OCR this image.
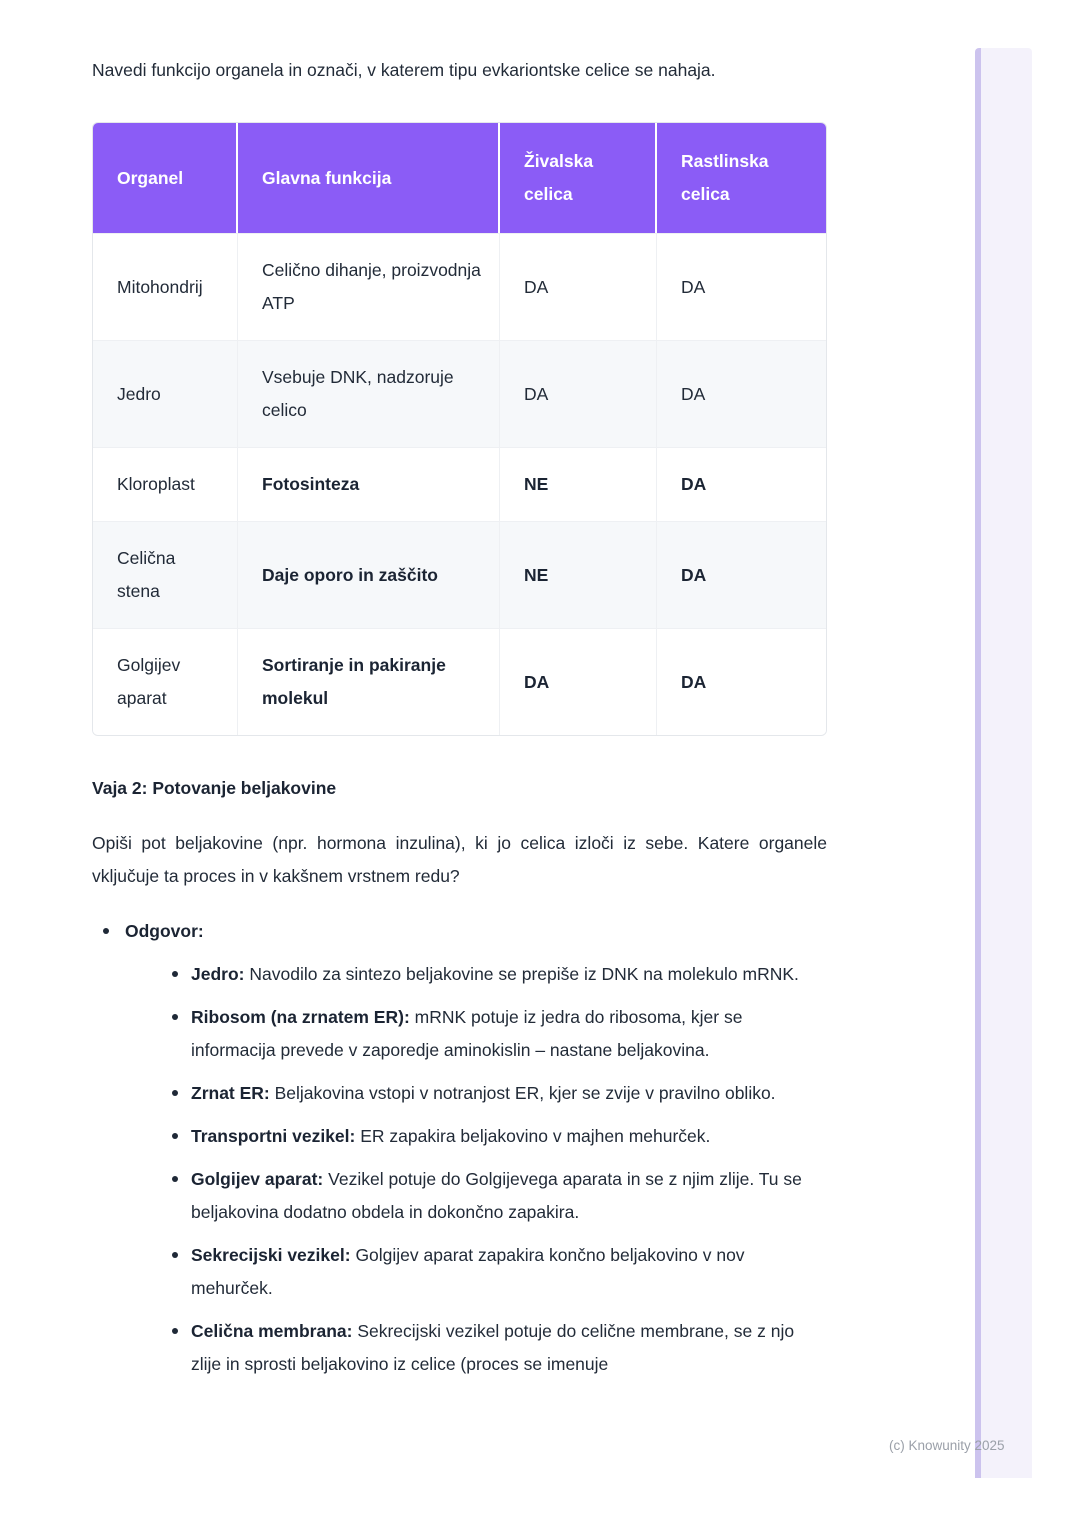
Navedi funkcijo organela in označi, v katerem tipu evkariontske celice se nahaja.

Organel	Glavna funkcija	Živalska celica	Rastlinska celica
Mitohondrij	Celično dihanje, proizvodnja ATP	DA	DA
Jedro	Vsebuje DNK, nadzoruje celico	DA	DA
Kloroplast	Fotosinteza	NE	DA
Celična stena	Daje oporo in zaščito	NE	DA
Golgijev aparat	Sortiranje in pakiranje molekul	DA	DA
Vaja 2: Potovanje beljakovine

Opiši pot beljakovine (npr. hormona inzulina), ki jo celica izloči iz sebe. Katere organele vključuje ta proces in v kakšnem vrstnem redu?

Odgovor:
Jedro: Navodilo za sintezo beljakovine se prepiše iz DNK na molekulo mRNK.
Ribosom (na zrnatem ER): mRNK potuje iz jedra do ribosoma, kjer se informacija prevede v zaporedje aminokislin – nastane beljakovina.
Zrnat ER: Beljakovina vstopi v notranjost ER, kjer se zvije v pravilno obliko.
Transportni vezikel: ER zapakira beljakovino v majhen mehurček.
Golgijev aparat: Vezikel potuje do Golgijevega aparata in se z njim zlije. Tu se beljakovina dodatno obdela in dokončno zapakira.
Sekrecijski vezikel: Golgijev aparat zapakira končno beljakovino v nov mehurček.
Celična membrana: Sekrecijski vezikel potuje do celične membrane, se z njo zlije in sprosti beljakovino iz celice (proces se imenuje
(c) Knowunity 2025
